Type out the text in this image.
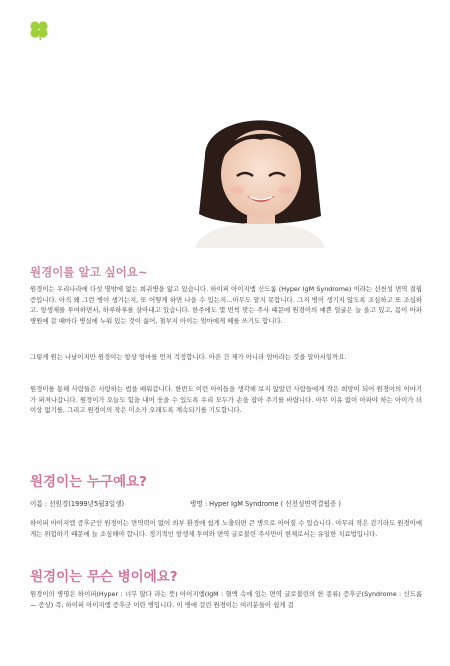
원경이를 알고 싶어요~
원경이는 우리나라에 다섯 명밖에 없는 희귀병을 앓고 있습니다. 하이퍼 아이지엠 신드롬 (Hyper IgM Syndrome) 이라는 선천성 면역 결핍증입니다. 아직 왜 그런 병이 생기는지, 또 어떻게 하면 나을 수 있는지…아무도 알지 못합니다. 그저 병이 생기지 않도록 조심하고 또 조심하고. 항생제를 투여하면서, 하루하루를 살아내고 있습니다. 한주에도 몇 번씩 맞는 주사 때문에 원경이의 예쁜 얼굴은 늘 울고 있고, 몸이 아파 병원에 갈 때마다 병실에 누워 있는 것이 싫어, 철부지 아이는 엄마에게 떼를 쓰기도 합니다.
그렇게 원는 나날이지만 원경이는 항상 엄마를 먼저 걱정합니다. 아픈 건 제가 아니라 엄마라는 것을 알아서일까요.
원경이를 통해 사람들은 사랑하는 법을 배워갑니다. 한번도 이런 아이들을 생각해 보지 않았던 사람들에게 작은 희망이 되어 원경이의 이야기가 퍼져나갑니다. 원경이가 오늘도 힘을 내어 웃을 수 있도록 우리 모두가 손을 잡아 주기를 바랍니다. 아무 이유 없이 아파야 하는 아이가 더 이상 없기를, 그리고 원경이의 작은 미소가 오래도록 계속되기를 기도합니다.
원경이는 누구예요?
이름 : 선원경(1999년5월3일생)	병명 : Hyper IgM Syndrome ( 선천성면역결핍증 )
하이퍼 아이지엠 증후군인 원경이는 면역력이 없어 외부 환경에 쉽게 노출되면 큰 병으로 이어질 수 있습니다. 아무리 작은 감기라도 원경이에게는 위험하기 때문에 늘 조심해야 합니다. 정기적인 항생제 투여와 면역 글로불린 주사만이 현재로서는 유일한 치료법입니다.
원경이는 무슨 병이에요?
원경이의 병명은 하이퍼(Hyper : 너무 많다 라는 뜻) 아이지엠(IgM : 혈액 속에 있는 면역 글로불린의 한 종류) 증후군(Syndrome : 신드롬 — 증상) 즉, 하이퍼 아이지엠 증후군 이란 병입니다. 이 병에 걸린 원경이는 여러분들이 쉽게 걸
